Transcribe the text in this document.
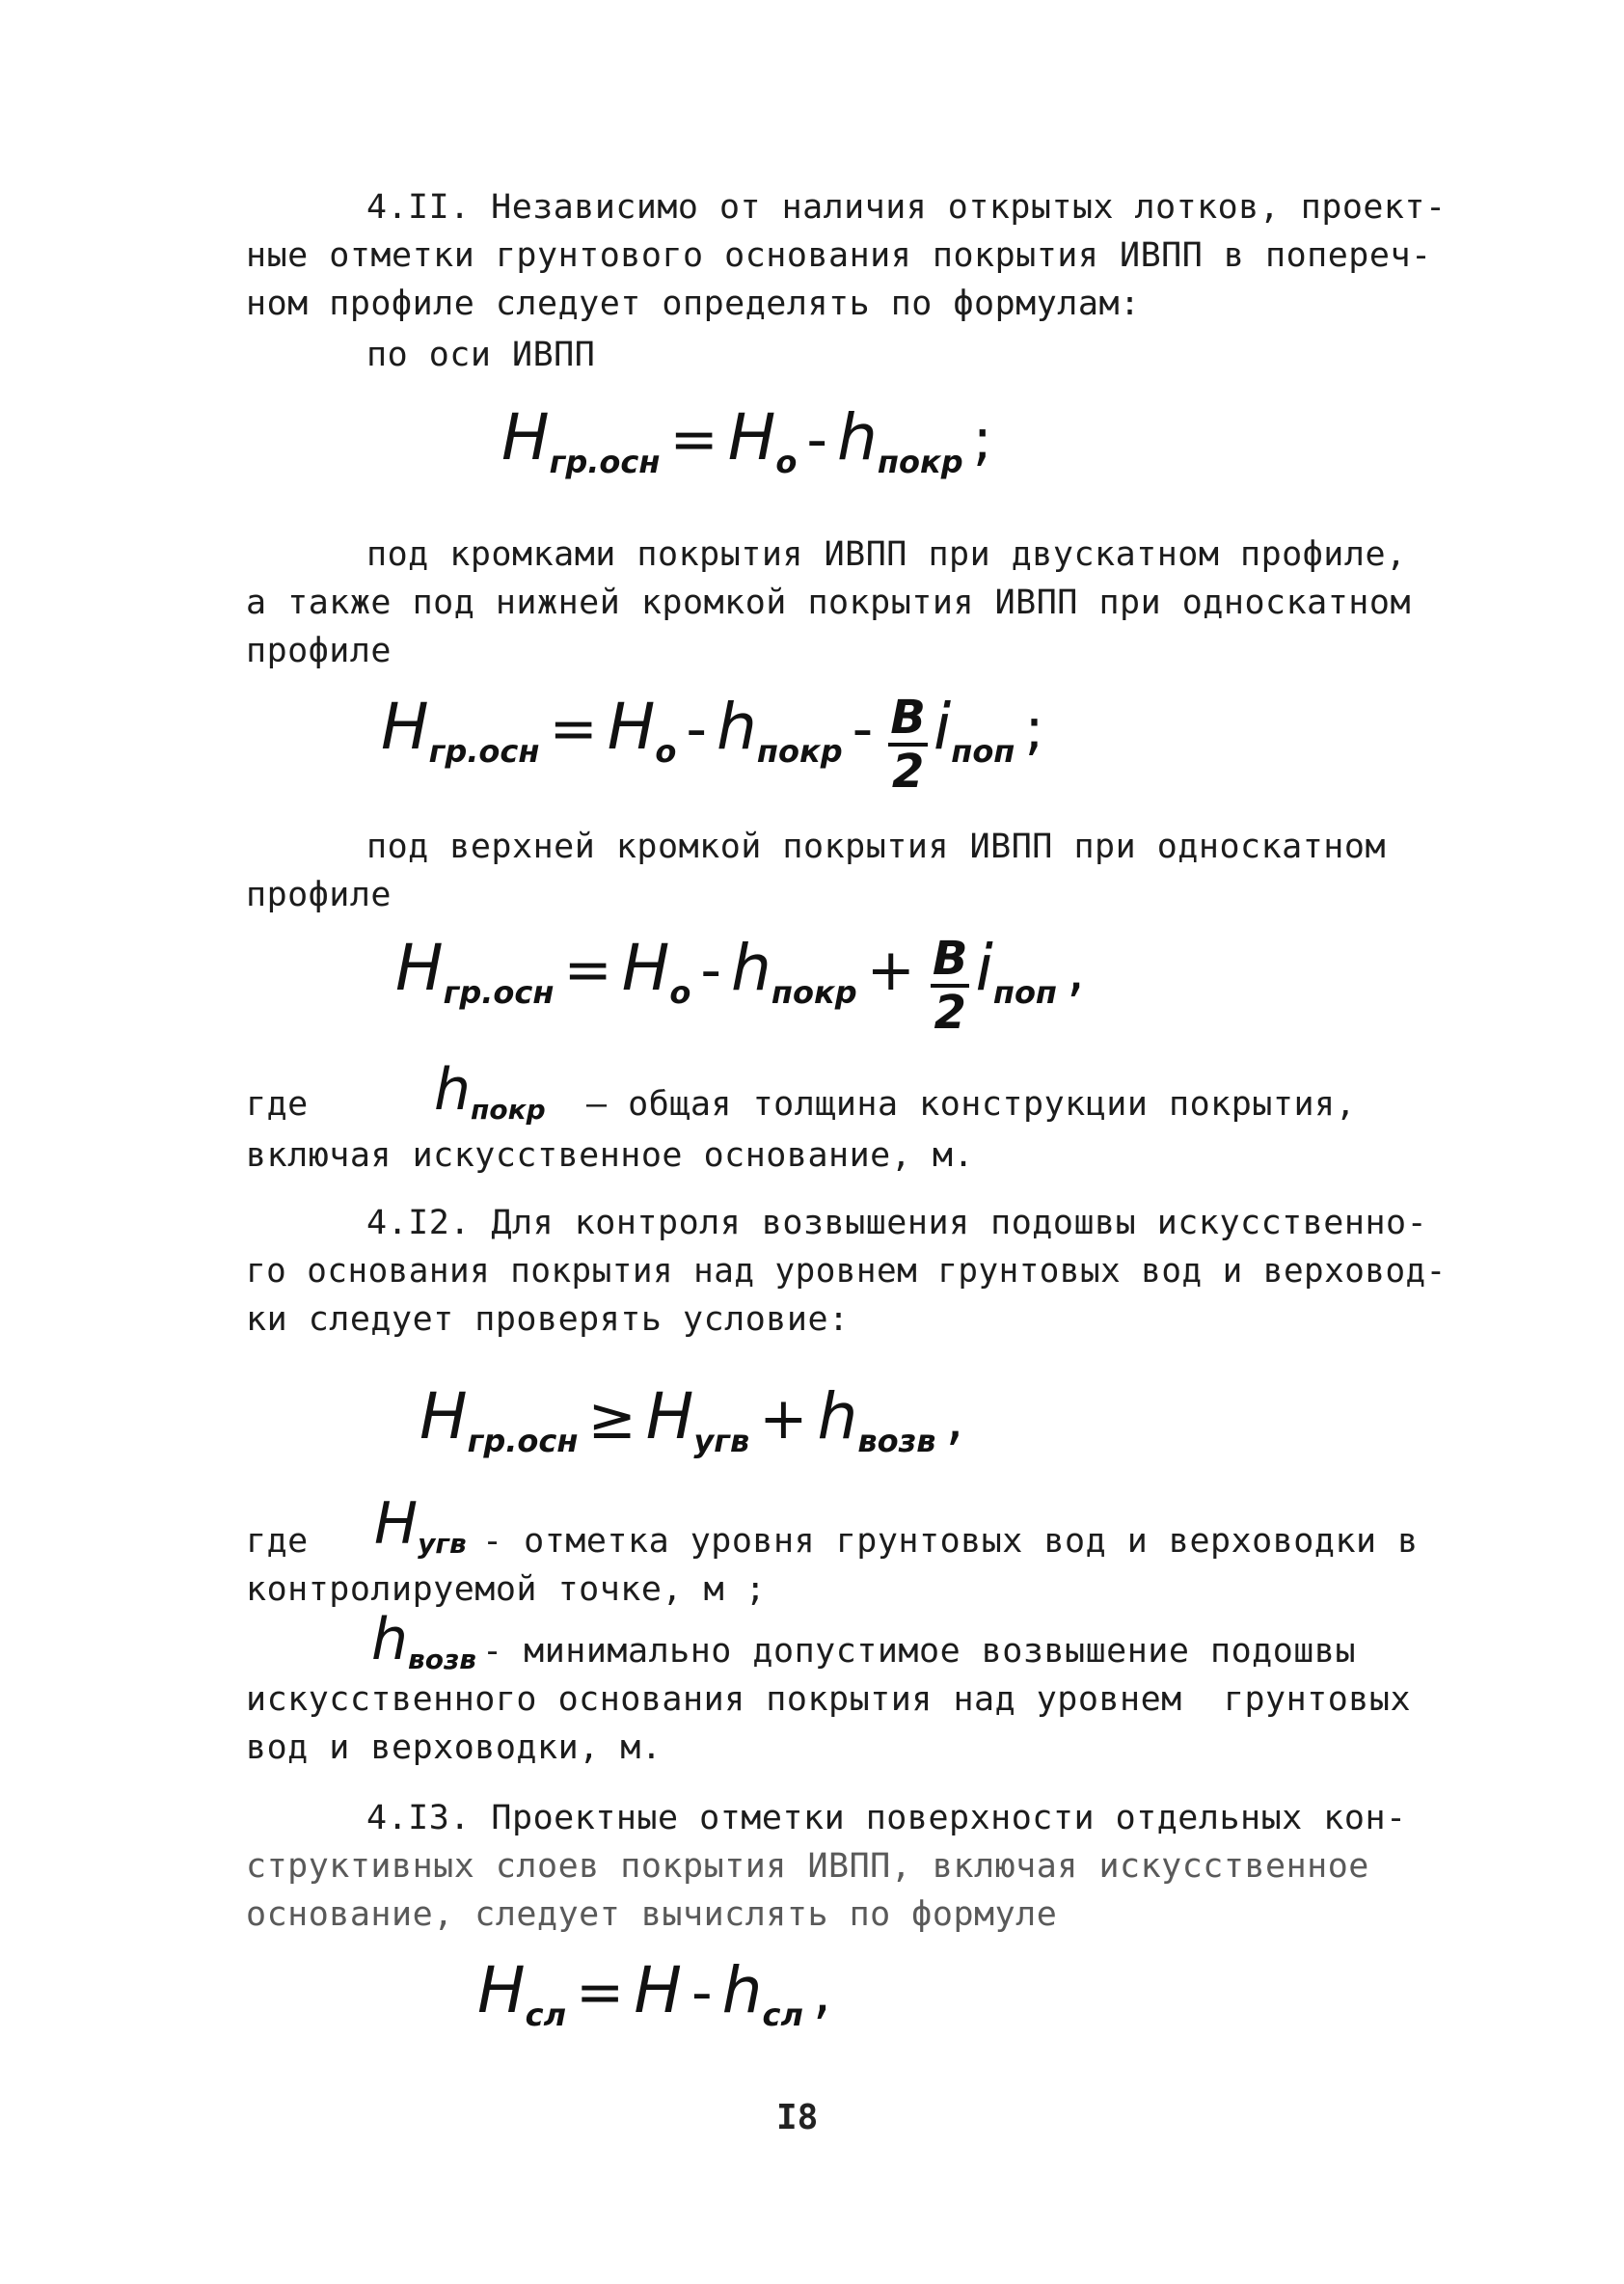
4.II. Независимо от наличия открытых лотков, проект-
ные отметки грунтового основания покрытия ИВПП в попереч-
ном профиле следует определять по формулам:
по оси ИВПП
Hгр.осн = Ho - hпокр ;
под кромками покрытия ИВПП при двускатном профиле,
а также под нижней кромкой покрытия ИВПП при односкатном
профиле
Hгр.осн = Ho - hпокр - $\frac{B}{2}$ iпоп ;
под верхней кромкой покрытия ИВПП при односкатном
профиле
Hгр.осн = Ho - hпокр + $\frac{B}{2}$ iпоп ,
где hпокр – общая толщина конструкции покрытия,
включая искусственное основание, м.
4.I2. Для контроля возвышения подошвы искусственно-
го основания покрытия над уровнем грунтовых вод и верховод-
ки следует проверять условие:
Hгр.осн ≥ Hугв + hвозв ,
где Hугв - отметка уровня грунтовых вод и верховодки в
контролируемой точке, м ;
hвозв - минимально допустимое возвышение подошвы
искусственного основания покрытия над уровнем  грунтовых
вод и верховодки, м.
4.I3. Проектные отметки поверхности отдельных кон-
структивных слоев покрытия ИВПП, включая искусственное
основание, следует вычислять по формуле
Hсл = H - hсл ,
I8
